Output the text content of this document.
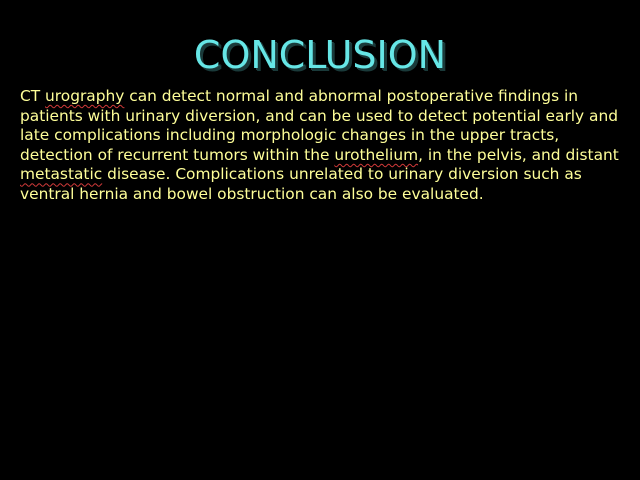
CONCLUSION
CT urography can detect normal and abnormal postoperative findings in patients with urinary diversion, and can be used to detect potential early and late complications including morphologic changes in the upper tracts, detection of recurrent tumors within the urothelium, in the pelvis, and distant metastatic disease. Complications unrelated to urinary diversion such as ventral hernia and bowel obstruction can also be evaluated.
